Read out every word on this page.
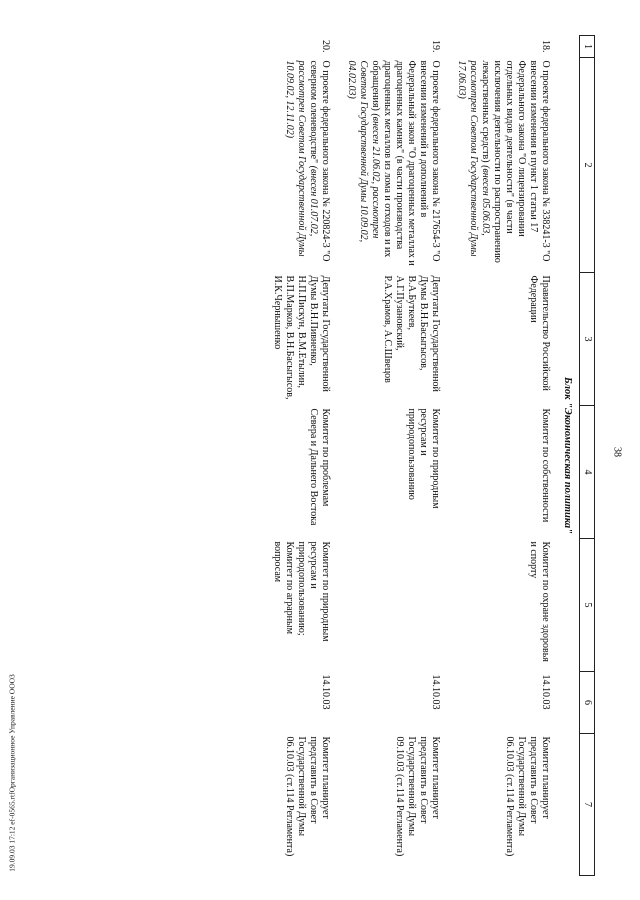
38
1	2	3	4	5	6	7
Блок "Экономическая политика"						
18.	О проекте федерального закона № 338241-3 "О внесении изменения в пункт 1 статьи 17 Федерального закона "О лицензировании отдельных видов деятельности" (в части исключения деятельности по распространению лекарственных средств) (внесен 05.06.03, рассмотрен Советом Государственной Думы 17.06.03)	Правительство Российской Федерации	Комитет по собственности	Комитет по охране здоровья и спорту	14.10.03	Комитет планирует представить в Совет Государственной Думы 06.10.03 (ст.114 Регламента)
19.	О проекте федерального закона № 217654-3 "О внесении изменений и дополнений в Федеральный закон "О драгоценных металлах и драгоценных камнях" (в части производства драгоценных металлов из лома и отходов и их обращения) (внесен 21.06.02, рассмотрен Советом Государственной Думы 10.09.02, 04.02.03)	Депутаты Государственной Думы В.Н.Басыгысов, В.А.Буткеев, А.Г.Пузановский, Р.А.Храмов, А.С.Швецов	Комитет по природным ресурсам и природопользованию		14.10.03	Комитет планирует представить в Совет Государственной Думы 09.10.03 (ст.114 Регламента)
20.	О проекте федерального закона № 220824-3 "О северном оленеводстве" (внесен 01.07.02, рассмотрен Советом Государственной Думы 10.09.02, 12.11.02)	Депутаты Государственной Думы В.Н.Пивненко, Н.П.Пискун, В.М.Етылин, В.П.Марков, В.Н.Басыгысов, И.К.Чернышенко	Комитет по проблемам Севера и Дальнего Востока	Комитет по природным ресурсам и природопользованию; Комитет по аграрным вопросам	14.10.03	Комитет планирует представить в Совет Государственной Думы 06.10.03 (ст.114 Регламента)
19.09.03 17:12 ef-0565.rtfOрганизационное Управление ООО3
